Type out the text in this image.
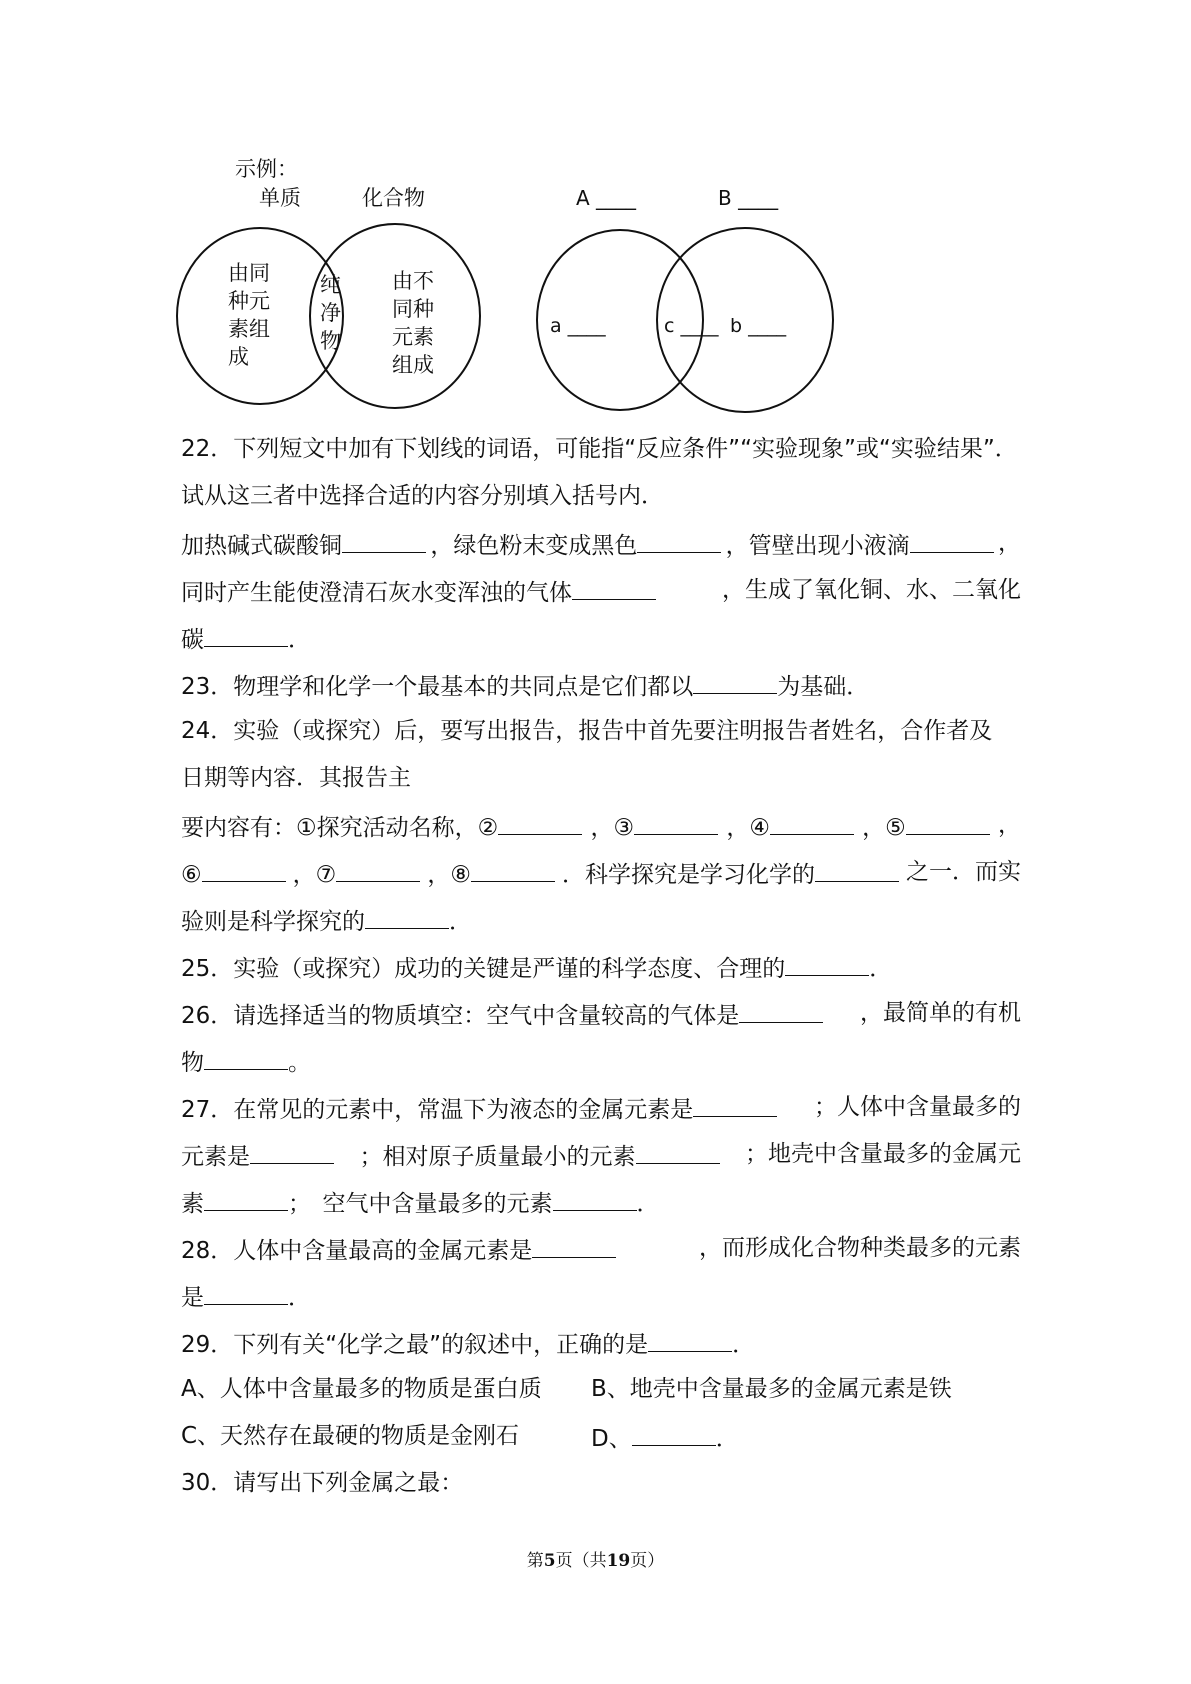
示例：
单质	化合物
由同
种元
素组
成
纯
净
物
由不
同种
元素
组成
A ____	B ____
a ____	c ____ b ____
22．下列短文中加有下划线的词语，可能指“反应条件”“实验现象”或“实验结果”．
试从这三者中选择合适的内容分别填入括号内．
加热碱式碳酸铜	，绿色粉末变成黑色	，管壁出现小液滴	，
同时产生能使澄清石灰水变浑浊的气体	，生成了氧化铜、水、二氧化
碳	．
23．物理学和化学一个最基本的共同点是它们都以	为基础．
24．实验（或探究）后，要写出报告，报告中首先要注明报告者姓名，合作者及
日期等内容．其报告主
要内容有：①探究活动名称，②	，③	，④	，⑤	，
⑥	，⑦	，⑧	．科学探究是学习化学的	之一．而实
验则是科学探究的	．
25．实验（或探究）成功的关键是严谨的科学态度、合理的	．
26．请选择适当的物质填空：空气中含量较高的气体是	，最简单的有机
物	。
27．在常见的元素中，常温下为液态的金属元素是	；人体中含量最多的
元素是	；相对原子质量最小的元素	；地壳中含量最多的金属元
素	；　空气中含量最多的元素	．
28．人体中含量最高的金属元素是	，而形成化合物种类最多的元素
是	．
29．下列有关“化学之最”的叙述中，正确的是	．
A、人体中含量最多的物质是蛋白质 B、地壳中含量最多的金属元素是铁
C、天然存在最硬的物质是金刚石	D、	．
30．请写出下列金属之最：
第5页（共19页）
